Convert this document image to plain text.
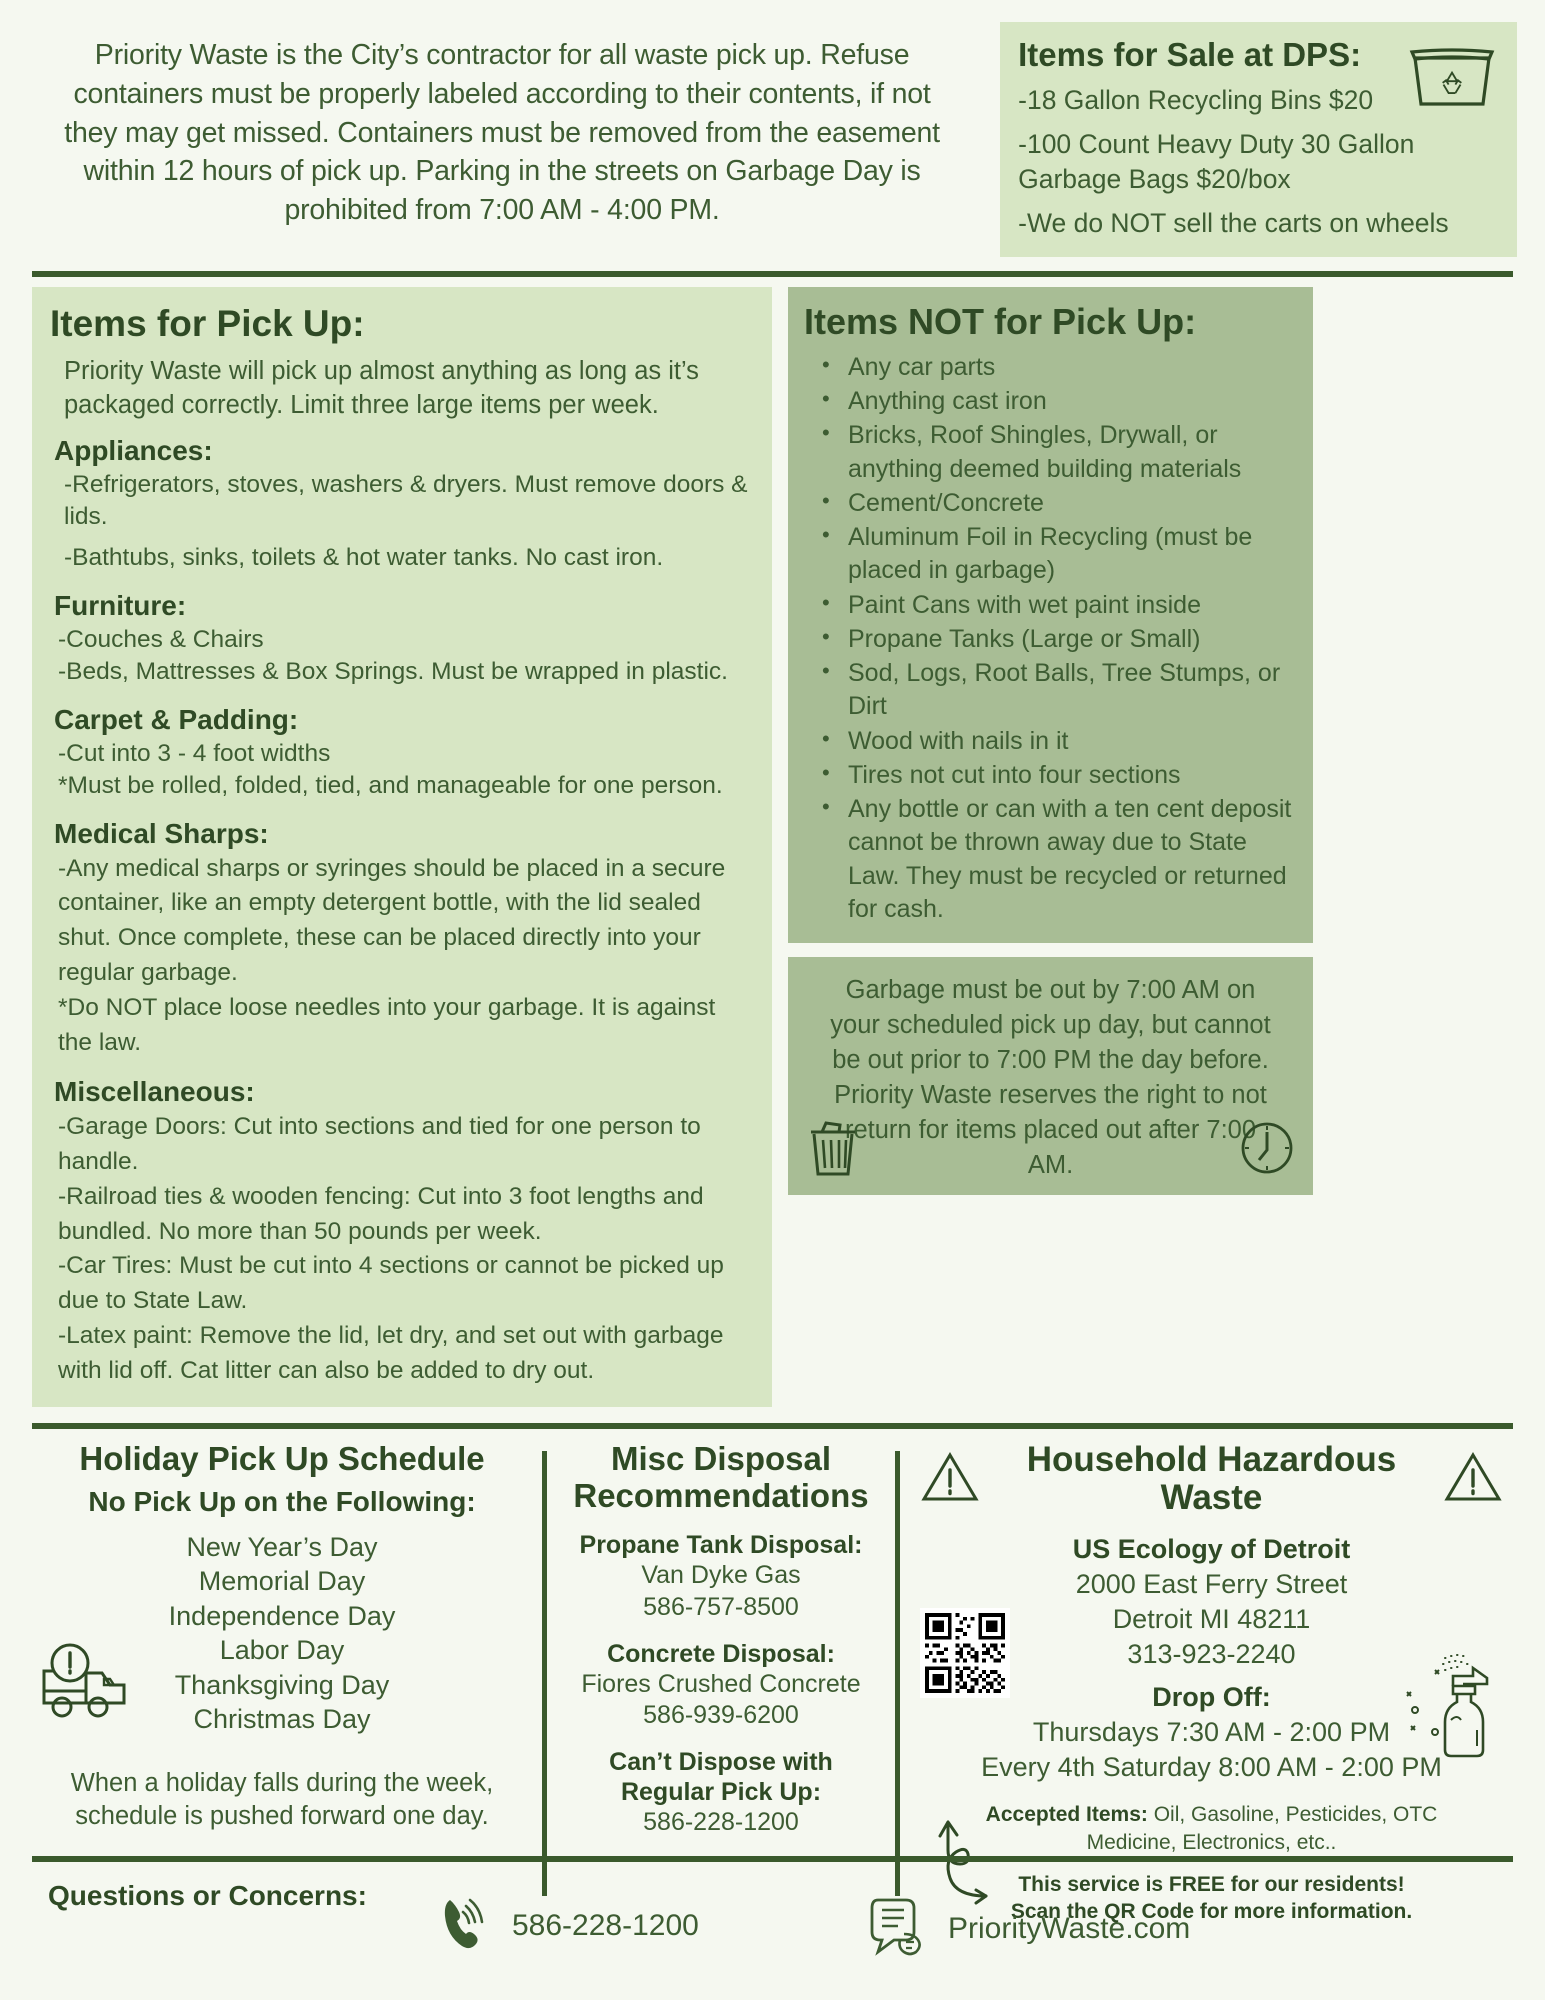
Priority Waste is the City’s contractor for all waste pick up. Refuse containers must be properly labeled according to their contents, if not they may get missed. Containers must be removed from the easement within 12 hours of pick up. Parking in the streets on Garbage Day is prohibited from 7:00 AM - 4:00 PM.
Items for Sale at DPS:
-18 Gallon Recycling Bins $20
-100 Count Heavy Duty 30 Gallon Garbage Bags $20/box
-We do NOT sell the carts on wheels
Items for Pick Up:
Priority Waste will pick up almost anything as long as it’s packaged correctly. Limit three large items per week.
Appliances:
-Refrigerators, stoves, washers & dryers. Must remove doors & lids.
-Bathtubs, sinks, toilets & hot water tanks. No cast iron.
Furniture:
-Couches & Chairs
-Beds, Mattresses & Box Springs. Must be wrapped in plastic.
Carpet & Padding:
-Cut into 3 - 4 foot widths
*Must be rolled, folded, tied, and manageable for one person.
Medical Sharps:
-Any medical sharps or syringes should be placed in a secure container, like an empty detergent bottle, with the lid sealed shut. Once complete, these can be placed directly into your regular garbage.
*Do NOT place loose needles into your garbage. It is against the law.
Miscellaneous:
-Garage Doors: Cut into sections and tied for one person to handle.
-Railroad ties & wooden fencing: Cut into 3 foot lengths and bundled. No more than 50 pounds per week.
-Car Tires: Must be cut into 4 sections or cannot be picked up due to State Law.
-Latex paint: Remove the lid, let dry, and set out with garbage with lid off. Cat litter can also be added to dry out.
Items NOT for Pick Up:
• Any car parts
• Anything cast iron
• Bricks, Roof Shingles, Drywall, or anything deemed building materials
• Cement/Concrete
• Aluminum Foil in Recycling (must be placed in garbage)
• Paint Cans with wet paint inside
• Propane Tanks (Large or Small)
• Sod, Logs, Root Balls, Tree Stumps, or Dirt
• Wood with nails in it
• Tires not cut into four sections
• Any bottle or can with a ten cent deposit cannot be thrown away due to State Law. They must be recycled or returned for cash.
Garbage must be out by 7:00 AM on your scheduled pick up day, but cannot be out prior to 7:00 PM the day before. Priority Waste reserves the right to not return for items placed out after 7:00 AM.
Holiday Pick Up Schedule
No Pick Up on the Following:
New Year’s Day
Memorial Day
Independence Day
Labor Day
Thanksgiving Day
Christmas Day
When a holiday falls during the week, schedule is pushed forward one day.
Misc Disposal Recommendations
Propane Tank Disposal:
Van Dyke Gas
586-757-8500
Concrete Disposal:
Fiores Crushed Concrete
586-939-6200
Can’t Dispose with Regular Pick Up:
586-228-1200
Household Hazardous Waste
US Ecology of Detroit
2000 East Ferry Street
Detroit MI 48211
313-923-2240
Drop Off:
Thursdays 7:30 AM - 2:00 PM
Every 4th Saturday 8:00 AM - 2:00 PM
Accepted Items: Oil, Gasoline, Pesticides, OTC Medicine, Electronics, etc..
This service is FREE for our residents!
Scan the QR Code for more information.
Questions or Concerns:
586-228-1200	PriorityWaste.com
